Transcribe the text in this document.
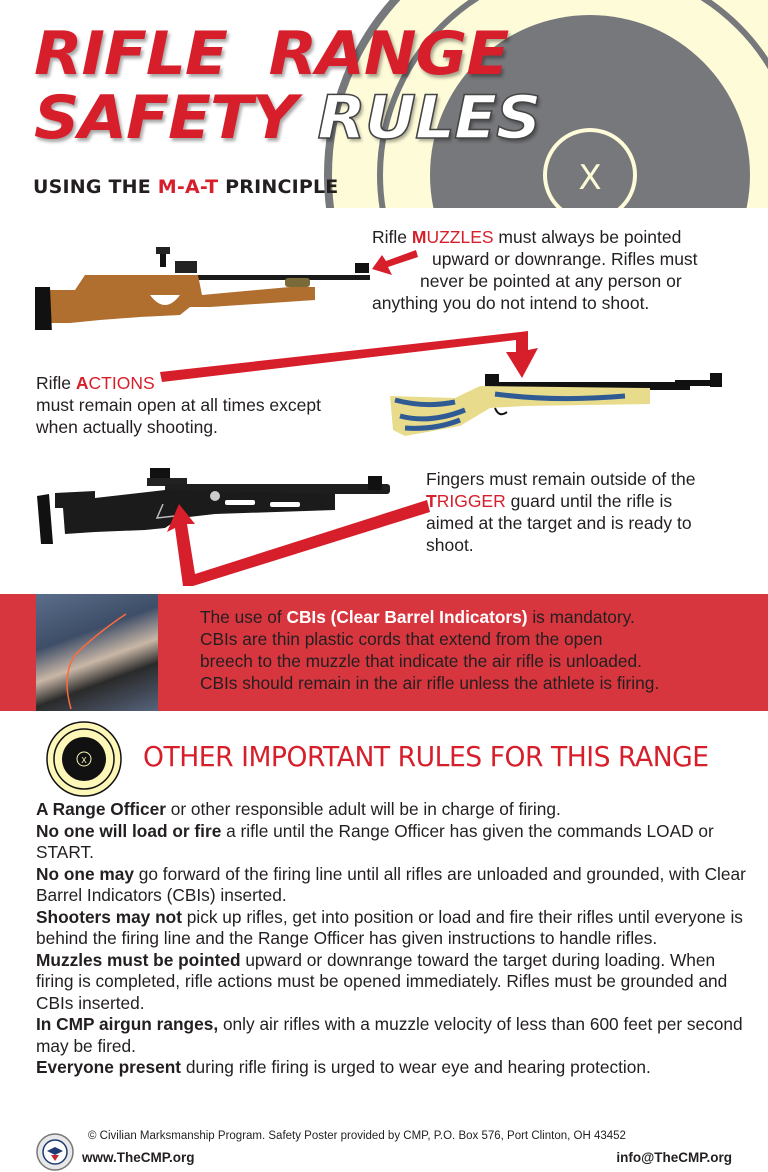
X
RIFLE  RANGE
SAFETY RULES
USING THE M-A-T PRINCIPLE
Rifle MUZZLES must always be pointed
upward or downrange. Rifles must
never be pointed at any person or
anything you do not intend to shoot.
Rifle ACTIONS
must remain open at all times except
when actually shooting.
Fingers must remain outside of the
TRIGGER guard until the rifle is
aimed at the target and is ready to
shoot.
The use of CBIs (Clear Barrel Indicators) is mandatory.
CBIs are thin plastic cords that extend from the open
breech to the muzzle that indicate the air rifle is unloaded.
CBIs should remain in the air rifle unless the athlete is firing.
X OTHER IMPORTANT RULES FOR THIS RANGE

A Range Officer or other responsible adult will be in charge of firing.

No one will load or fire a rifle until the Range Officer has given the commands LOAD or START.

No one may go forward of the firing line until all rifles are unloaded and grounded, with Clear Barrel Indicators (CBIs) inserted.

Shooters may not pick up rifles, get into position or load and fire their rifles until everyone is behind the firing line and the Range Officer has given instructions to handle rifles.

Muzzles must be pointed upward or downrange toward the target during loading. When firing is completed, rifle actions must be opened immediately. Rifles must be grounded and CBIs inserted.

In CMP airgun ranges, only air rifles with a muzzle velocity of less than 600 feet per second may be fired.

Everyone present during rifle firing is urged to wear eye and hearing protection.

© Civilian Marksmanship Program. Safety Poster provided by CMP, P.O. Box 576, Port Clinton, OH 43452
www.TheCMP.org	info@TheCMP.org
